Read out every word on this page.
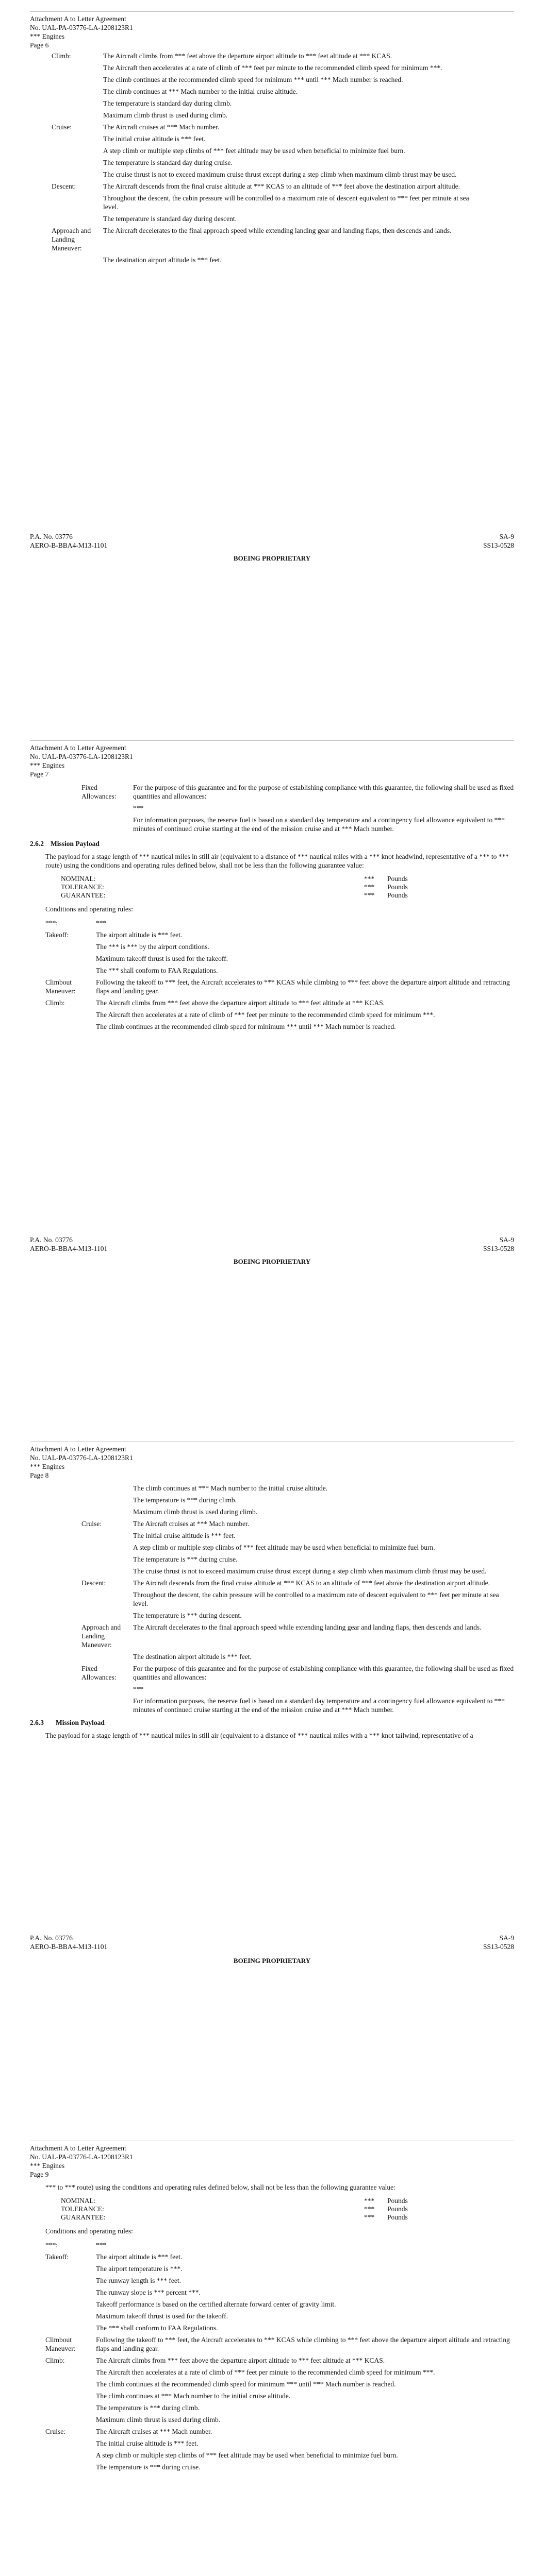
Attachment A to Letter Agreement
No. UAL-PA-03776-LA-1208123R1
*** Engines
Page 6
Climb:	The Aircraft climbs from *** feet above the departure airport altitude to *** feet altitude at *** KCAS.
The Aircraft then accelerates at a rate of climb of *** feet per minute to the recommended climb speed for minimum ***.
The climb continues at the recommended climb speed for minimum *** until *** Mach number is reached.
The climb continues at *** Mach number to the initial cruise altitude.
The temperature is standard day during climb.
Maximum climb thrust is used during climb.
Cruise:	The Aircraft cruises at *** Mach number.
The initial cruise altitude is *** feet.
A step climb or multiple step climbs of *** feet altitude may be used when beneficial to minimize fuel burn.
The temperature is standard day during cruise.
The cruise thrust is not to exceed maximum cruise thrust except during a step climb when maximum climb thrust may be used.
Descent:	The Aircraft descends from the final cruise altitude at *** KCAS to an altitude of *** feet above the destination airport altitude.
Throughout the descent, the cabin pressure will be controlled to a maximum rate of descent equivalent to *** feet per minute at sea level.
The temperature is standard day during descent.
Approach and Landing Maneuver:
The Aircraft decelerates to the final approach speed while extending landing gear and landing flaps, then descends and lands.
The destination airport altitude is *** feet.
P.A. No. 03776
AERO-B-BBA4-M13-1101
SA-9
SS13-0528
BOEING PROPRIETARY
Attachment A to Letter Agreement
No. UAL-PA-03776-LA-1208123R1
*** Engines
Page 7
Fixed Allowances:
For the purpose of this guarantee and for the purpose of establishing compliance with this guarantee, the following shall be used as fixed quantities and allowances:
***
For information purposes, the reserve fuel is based on a standard day temperature and a contingency fuel allowance equivalent to *** minutes of continued cruise starting at the end of the mission cruise and at *** Mach number.
2.6.2 Mission Payload
The payload for a stage length of *** nautical miles in still air (equivalent to a distance of *** nautical miles with a *** knot headwind, representative of a *** to *** route) using the conditions and operating rules defined below, shall not be less than the following guarantee value:
NOMINAL:	***	Pounds
TOLERANCE:	***	Pounds
GUARANTEE:	***	Pounds
Conditions and operating rules:
***:	***
Takeoff:	The airport altitude is *** feet.
The *** is *** by the airport conditions.
Maximum takeoff thrust is used for the takeoff.
The *** shall conform to FAA Regulations.
Climbout Maneuver:
Following the takeoff to *** feet, the Aircraft accelerates to *** KCAS while climbing to *** feet above the departure airport altitude and retracting flaps and landing gear.
Climb:	The Aircraft climbs from *** feet above the departure airport altitude to *** feet altitude at *** KCAS.
The Aircraft then accelerates at a rate of climb of *** feet per minute to the recommended climb speed for minimum ***.
The climb continues at the recommended climb speed for minimum *** until *** Mach number is reached.
P.A. No. 03776
AERO-B-BBA4-M13-1101
SA-9
SS13-0528
BOEING PROPRIETARY
Attachment A to Letter Agreement
No. UAL-PA-03776-LA-1208123R1
*** Engines
Page 8
The climb continues at *** Mach number to the initial cruise altitude.
The temperature is *** during climb.
Maximum climb thrust is used during climb.
Cruise:	The Aircraft cruises at *** Mach number.
The initial cruise altitude is *** feet.
A step climb or multiple step climbs of *** feet altitude may be used when beneficial to minimize fuel burn.
The temperature is *** during cruise.
The cruise thrust is not to exceed maximum cruise thrust except during a step climb when maximum climb thrust may be used.
Descent:	The Aircraft descends from the final cruise altitude at *** KCAS to an altitude of *** feet above the destination airport altitude.
Throughout the descent, the cabin pressure will be controlled to a maximum rate of descent equivalent to *** feet per minute at sea level.
The temperature is *** during descent.
Approach and Landing Maneuver:
The Aircraft decelerates to the final approach speed while extending landing gear and landing flaps, then descends and lands.
The destination airport altitude is *** feet.
Fixed Allowances:
For the purpose of this guarantee and for the purpose of establishing compliance with this guarantee, the following shall be used as fixed quantities and allowances:
***
For information purposes, the reserve fuel is based on a standard day temperature and a contingency fuel allowance equivalent to *** minutes of continued cruise starting at the end of the mission cruise and at *** Mach number.
2.6.3	Mission Payload
The payload for a stage length of *** nautical miles in still air (equivalent to a distance of *** nautical miles with a *** knot tailwind, representative of a
P.A. No. 03776
AERO-B-BBA4-M13-1101
SA-9
SS13-0528
BOEING PROPRIETARY
Attachment A to Letter Agreement
No. UAL-PA-03776-LA-1208123R1
*** Engines
Page 9
*** to *** route) using the conditions and operating rules defined below, shall not be less than the following guarantee value:
NOMINAL:	***	Pounds
TOLERANCE:	***	Pounds
GUARANTEE:	***	Pounds
Conditions and operating rules:
***:	***
Takeoff:	The airport altitude is *** feet.
The airport temperature is ***.
The runway length is *** feet.
The runway slope is *** percent ***.
Takeoff performance is based on the certified alternate forward center of gravity limit.
Maximum takeoff thrust is used for the takeoff.
The *** shall conform to FAA Regulations.
Climbout Maneuver:
Following the takeoff to *** feet, the Aircraft accelerates to *** KCAS while climbing to *** feet above the departure airport altitude and retracting flaps and landing gear.
Climb:	The Aircraft climbs from *** feet above the departure airport altitude to *** feet altitude at *** KCAS.
The Aircraft then accelerates at a rate of climb of *** feet per minute to the recommended climb speed for minimum ***.
The climb continues at the recommended climb speed for minimum *** until *** Mach number is reached.
The climb continues at *** Mach number to the initial cruise altitude.
The temperature is *** during climb.
Maximum climb thrust is used during climb.
Cruise:	The Aircraft cruises at *** Mach number.
The initial cruise altitude is *** feet.
A step climb or multiple step climbs of *** feet altitude may be used when beneficial to minimize fuel burn.
The temperature is *** during cruise.
